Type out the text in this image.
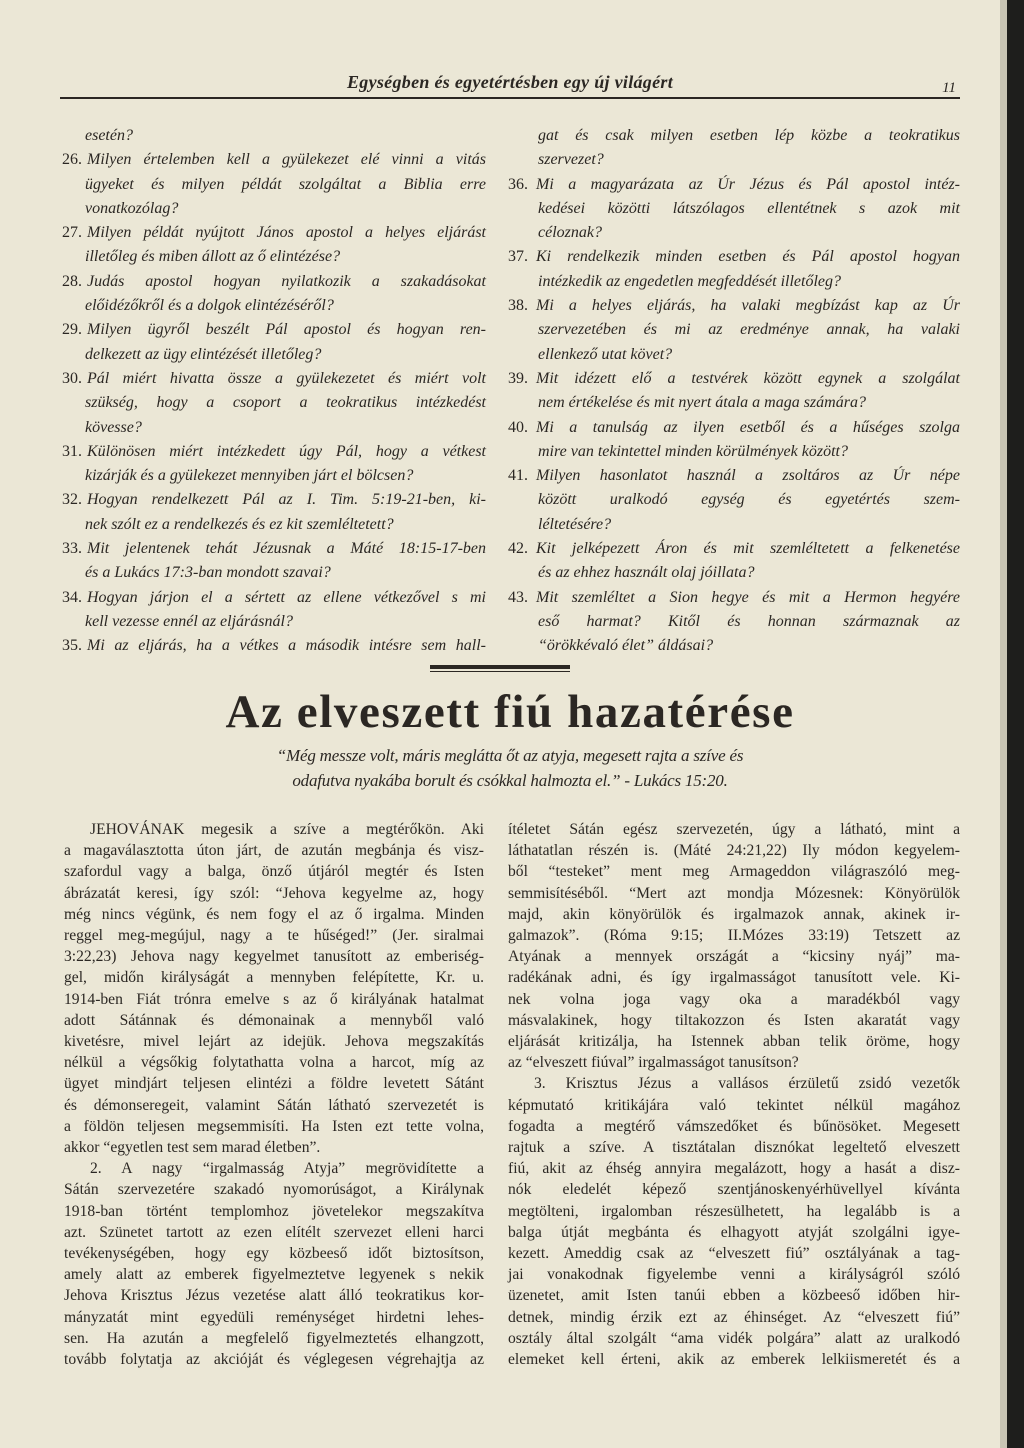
Egységben és egyetértésben egy új világért	11
esetén?
26. Milyen értelemben kell a gyülekezet elé vinni a vitás
ügyeket és milyen példát szolgáltat a Biblia erre
vonatkozólag?
27. Milyen példát nyújtott János apostol a helyes eljárást
illetőleg és miben állott az ő elintézése?
28. Judás apostol hogyan nyilatkozik a szakadásokat
előidézőkről és a dolgok elintézéséről?
29. Milyen ügyről beszélt Pál apostol és hogyan ren-
delkezett az ügy elintézését illetőleg?
30. Pál miért hivatta össze a gyülekezetet és miért volt
szükség, hogy a csoport a teokratikus intézkedést
kövesse?
31. Különösen miért intézkedett úgy Pál, hogy a vétkest
kizárják és a gyülekezet mennyiben járt el bölcsen?
32. Hogyan rendelkezett Pál az I. Tim. 5:19-21-ben, ki-
nek szólt ez a rendelkezés és ez kit szemléltetett?
33. Mit jelentenek tehát Jézusnak a Máté 18:15-17-ben
és a Lukács 17:3-ban mondott szavai?
34. Hogyan járjon el a sértett az ellene vétkezővel s mi
kell vezesse ennél az eljárásnál?
35. Mi az eljárás, ha a vétkes a második intésre sem hall-
gat és csak milyen esetben lép közbe a teokratikus
szervezet?
36. Mi a magyarázata az Úr Jézus és Pál apostol intéz-
kedései közötti látszólagos ellentétnek s azok mit
céloznak?
37. Ki rendelkezik minden esetben és Pál apostol hogyan
intézkedik az engedetlen megfeddését illetőleg?
38. Mi a helyes eljárás, ha valaki megbízást kap az Úr
szervezetében és mi az eredménye annak, ha valaki
ellenkező utat követ?
39. Mit idézett elő a testvérek között egynek a szolgálat
nem értékelése és mit nyert átala a maga számára?
40. Mi a tanulság az ilyen esetből és a hűséges szolga
mire van tekintettel minden körülmények között?
41. Milyen hasonlatot használ a zsoltáros az Úr népe
között uralkodó egység és egyetértés szem-
léltetésére?
42. Kit jelképezett Áron és mit szemléltetett a felkenetése
és az ehhez használt olaj jóillata?
43. Mit szemléltet a Sion hegye és mit a Hermon hegyére
eső harmat? Kitől és honnan származnak az
“örökkévaló élet” áldásai?
Az elveszett fiú hazatérése
“Még messze volt, máris meglátta őt az atyja, megesett rajta a szíve és
odafutva nyakába borult és csókkal halmozta el.” - Lukács 15:20.
JEHOVÁNAK megesik a szíve a megtérőkön. Aki
a magaválasztotta úton járt, de azután megbánja és visz-
szafordul vagy a balga, önző útjáról megtér és Isten
ábrázatát keresi, így szól: “Jehova kegyelme az, hogy
még nincs végünk, és nem fogy el az ő irgalma. Minden
reggel meg-megújul, nagy a te hűséged!” (Jer. siralmai
3:22,23) Jehova nagy kegyelmet tanusított az emberiség-
gel, midőn királyságát a mennyben felépítette, Kr. u.
1914-ben Fiát trónra emelve s az ő királyának hatalmat
adott Sátánnak és démonainak a mennyből való
kivetésre, mivel lejárt az idejük. Jehova megszakítás
nélkül a végsőkig folytathatta volna a harcot, míg az
ügyet mindjárt teljesen elintézi a földre levetett Sátánt
és démonseregeit, valamint Sátán látható szervezetét is
a földön teljesen megsemmisíti. Ha Isten ezt tette volna,
akkor “egyetlen test sem marad életben”.
2. A nagy “irgalmasság Atyja” megrövidítette a
Sátán szervezetére szakadó nyomorúságot, a Királynak
1918-ban történt templomhoz jövetelekor megszakítva
azt. Szünetet tartott az ezen elítélt szervezet elleni harci
tevékenységében, hogy egy közbeeső időt biztosítson,
amely alatt az emberek figyelmeztetve legyenek s nekik
Jehova Krisztus Jézus vezetése alatt álló teokratikus kor-
mányzatát mint egyedüli reménységet hirdetni lehes-
sen. Ha azután a megfelelő figyelmeztetés elhangzott,
tovább folytatja az akcióját és véglegesen végrehajtja az
ítéletet Sátán egész szervezetén, úgy a látható, mint a
láthatatlan részén is. (Máté 24:21,22) Ily módon kegyelem-
ből “testeket” ment meg Armageddon világraszóló meg-
semmisítéséből. “Mert azt mondja Mózesnek: Könyörülök
majd, akin könyörülök és irgalmazok annak, akinek ir-
galmazok”. (Róma 9:15; II.Mózes 33:19) Tetszett az
Atyának a mennyek országát a “kicsiny nyáj” ma-
radékának adni, és így irgalmasságot tanusított vele. Ki-
nek volna joga vagy oka a maradékból vagy
másvalakinek, hogy tiltakozzon és Isten akaratát vagy
eljárását kritizálja, ha Istennek abban telik öröme, hogy
az “elveszett fiúval” irgalmasságot tanusítson?
3. Krisztus Jézus a vallásos érzületű zsidó vezetők
képmutató kritikájára való tekintet nélkül magához
fogadta a megtérő vámszedőket és bűnösöket. Megesett
rajtuk a szíve. A tisztátalan disznókat legeltető elveszett
fiú, akit az éhség annyira megalázott, hogy a hasát a disz-
nók eledelét képező szentjánoskenyérhüvellyel kívánta
megtölteni, irgalomban részesülhetett, ha legalább is a
balga útját megbánta és elhagyott atyját szolgálni igye-
kezett. Ameddig csak az “elveszett fiú” osztályának a tag-
jai vonakodnak figyelembe venni a királyságról szóló
üzenetet, amit Isten tanúi ebben a közbeeső időben hir-
detnek, mindig érzik ezt az éhinséget. Az “elveszett fiú”
osztály által szolgált “ama vidék polgára” alatt az uralkodó
elemeket kell érteni, akik az emberek lelkiismeretét és a
